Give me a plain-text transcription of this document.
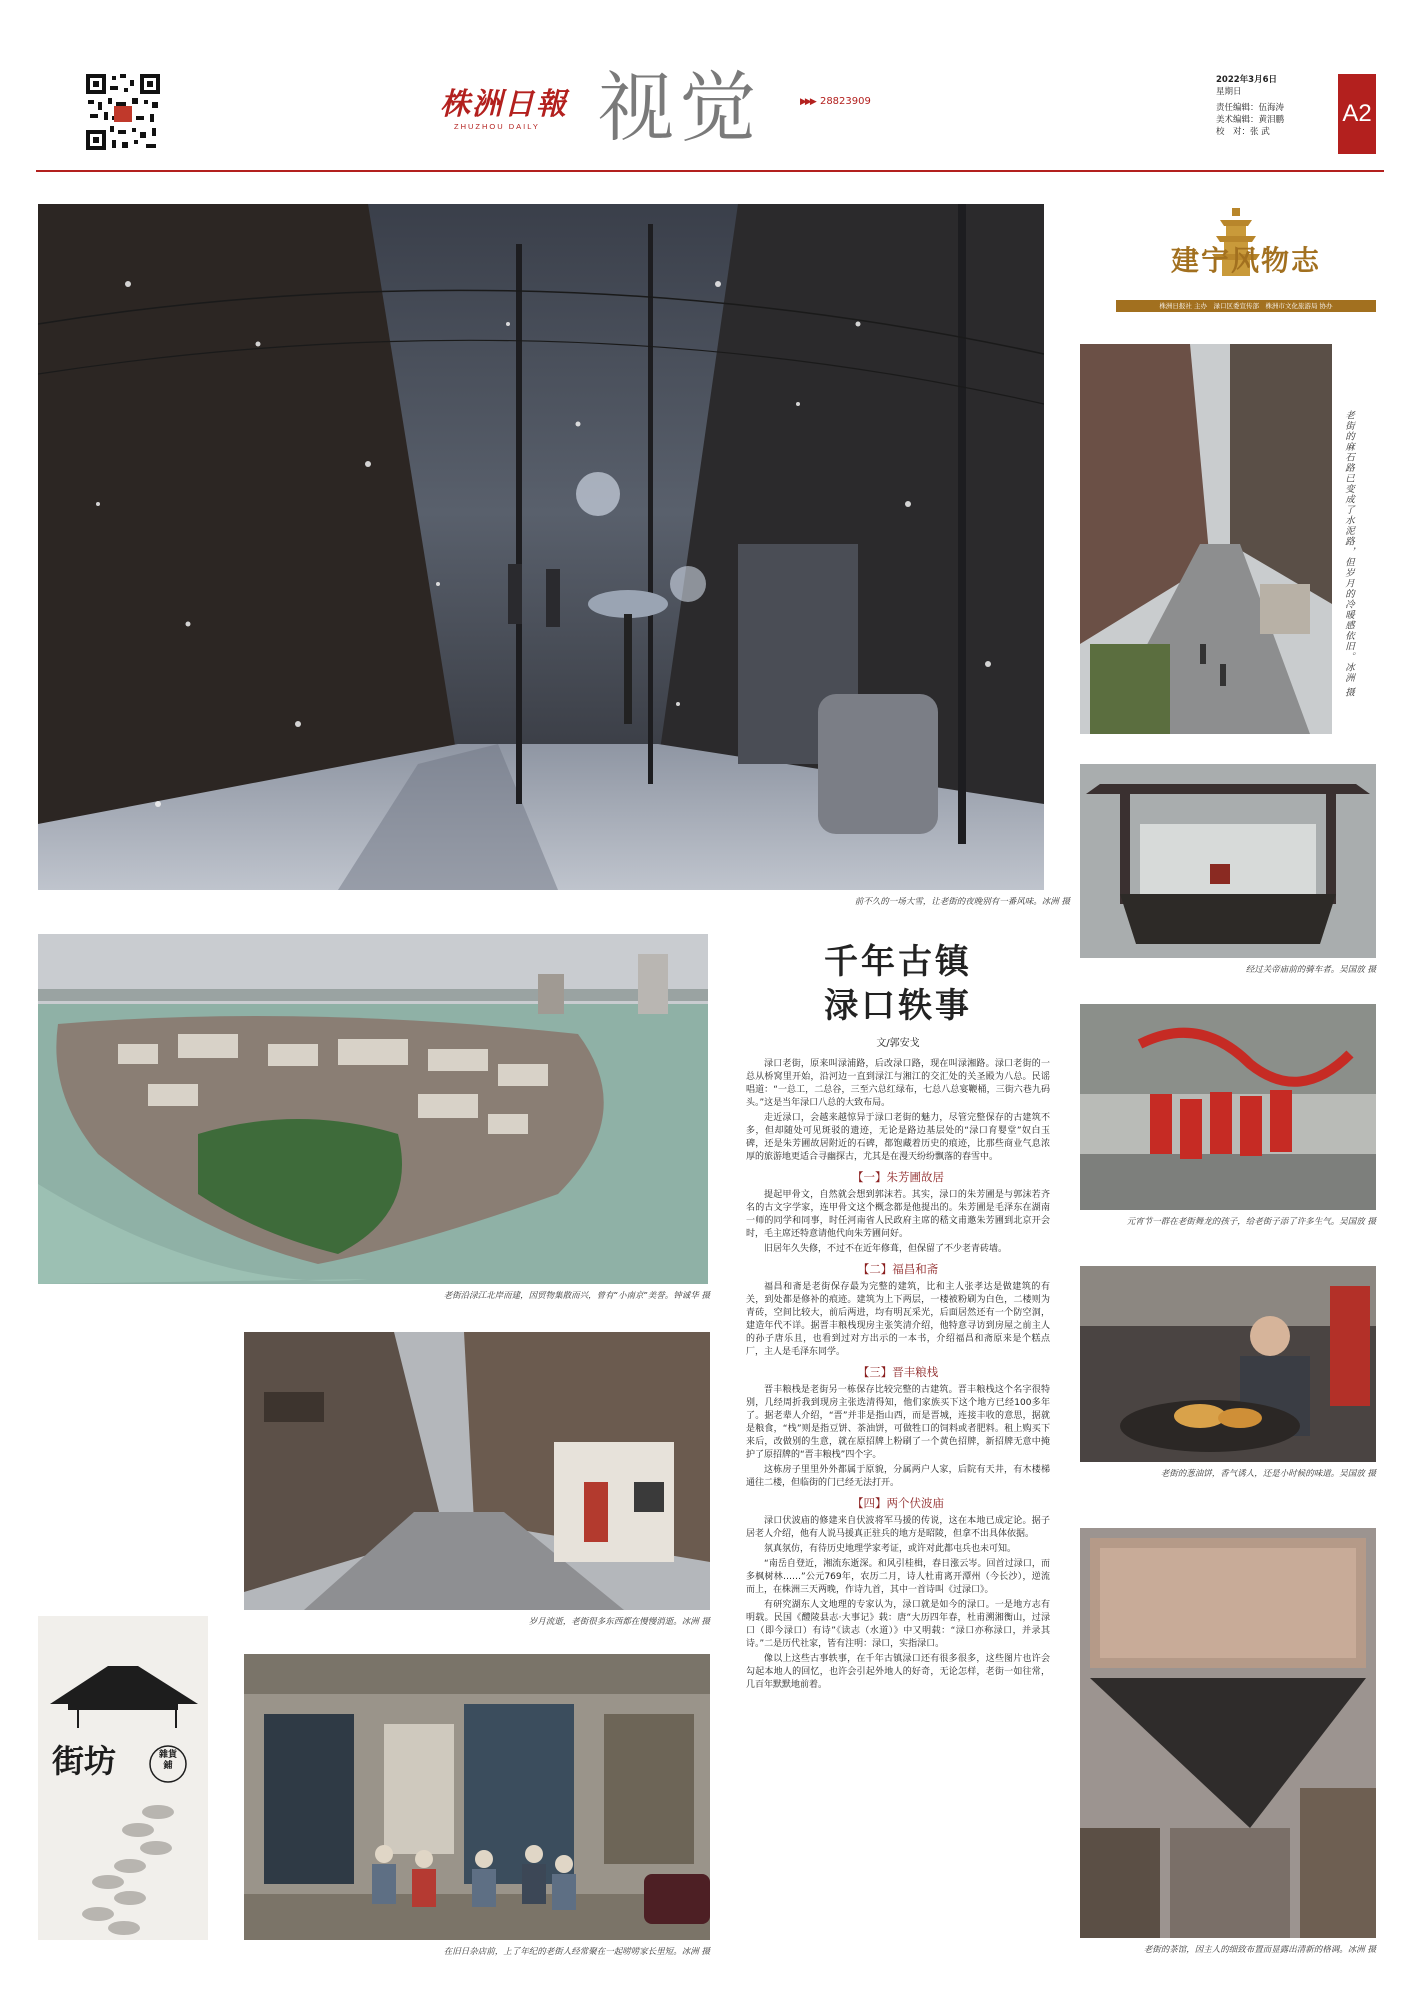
株洲日報
ZHUZHOU DAILY 视觉	▶▶▶ 28823909
2022年3月6日
星期日
责任编辑：伍海涛
美术编辑：黄泪鹏
校　对：张 武
A2
前不久的一场大雪，让老街的夜晚别有一番风味。冰洲 摄
老街沿渌江北岸而建，因贸物集散而兴，曾有“小南京”美誉。钟诚华 摄
岁月流逝，老街很多东西都在慢慢消逝。冰洲 摄
在旧日杂店前，上了年纪的老街人经常聚在一起唠唠家长里短。冰洲 摄
街坊	雜貨鋪
千年古镇
渌口轶事
文/郭安戈

渌口老街，原来叫渌浦路，后改渌口路，现在叫渌湘路。渌口老街的一总从桥窝里开始，沿河边一直到渌江与湘江的交汇处的关圣殿为八总。民谣唱道：“一总工，二总谷，三至六总红绿布，七总八总宴鞭桶，三街六巷九码头。”这是当年渌口八总的大致布局。

走近渌口，会越来越惊异于渌口老街的魅力，尽管完整保存的古建筑不多，但却随处可见斑驳的遗迹，无论是路边基层处的“渌口育婴堂”奴白玉碑，还是朱芳圃故居附近的石碑，都饱藏着历史的痕迹，比那些商业气息浓厚的旅游地更适合寻幽探古，尤其是在漫天纷纷飘落的春雪中。

【一】朱芳圃故居

提起甲骨文，自然就会想到郭沫若。其实，渌口的朱芳圃是与郭沫若齐名的古文字学家，连甲骨文这个概念都是他提出的。朱芳圃是毛泽东在湖南一师的同学和同事，时任河南省人民政府主席的嵇文甫邀朱芳圃到北京开会时，毛主席还特意请他代向朱芳圃问好。

旧居年久失修，不过不在近年修葺，但保留了不少老青砖墙。

【二】福昌和斋

福昌和斋是老街保存最为完整的建筑，比和主人张孝达是做建筑的有关，到处都是修补的痕迹。建筑为上下两层，一楼被粉刷为白色，二楼则为青砖，空间比较大，前后两进，均有明瓦采光，后面居然还有一个防空洞，建造年代不详。据晋丰粮栈现房主张笑清介绍，他特意寻访到房屋之前主人的孙子唐乐且，也看到过对方出示的一本书，介绍福昌和斋原来是个糕点厂，主人是毛泽东同学。

【三】晋丰粮栈

晋丰粮栈是老街另一栋保存比较完整的古建筑。晋丰粮栈这个名字很特别，几经周折我到现房主张选清得知，他们家族买下这个地方已经100多年了。据老辈人介绍，“晋”并非是指山西，而是晋城，连接丰收的意思，据就是粮食，“栈”则是指豆饼、茶油饼，可做牲口的饲料或者肥料。租上购买下来后，改做别的生意，就在原招牌上粉刷了一个黄色招牌，新招牌无意中掩护了原招牌的“晋丰粮栈”四个字。

这栋房子里里外外都属于原貌，分属两户人家，后院有天井，有木楼梯通往二楼，但临街的门已经无法打开。

【四】两个伏波庙

渌口伏波庙的修建来自伏波将军马援的传说，这在本地已成定论。据子居老人介绍，他有人说马援真正驻兵的地方是昭陵，但拿不出具体依据。

氛真氛仿，有待历史地理学家考证，或许对此都屯兵也未可知。

“南岳自登近，湘流东逝深。和风引桂楫，春日涨云岑。回首过渌口，而多枫树林……”公元769年，农历二月，诗人杜甫离开潭州（今长沙），逆流而上，在株洲三天两晚，作诗九首，其中一首诗叫《过渌口》。

有研究湖东人文地理的专家认为，渌口就是如今的渌口。一是地方志有明载。民国《醴陵县志·大事记》载：唐“大历四年春，杜甫溯湘衡山，过渌口（即今渌口）有诗”《读志（水道）》中又明载：“渌口亦称渌口，并录其诗。”二是历代社家，皆有注明：渌口，实指渌口。

像以上这些古事轶事，在千年古镇渌口还有很多很多，这些图片也许会勾起本地人的回忆，也许会引起外地人的好奇，无论怎样，老街一如往常，几百年默默地前着。

建宁风物志
株洲日报社 主办　渌口区委宣传部　株洲市文化旅游局 协办
老街的麻石路已变成了水泥路，但岁月的冷暖感依旧。冰洲 摄
经过关帝庙前的骑车者。吴国放 摄
元宵节一群在老街舞龙的孩子，给老街子添了许多生气。吴国放 摄
老街的葱油饼，香气诱人，还是小时候的味道。吴国放 摄
老街的茶馆，因主人的细致布置而显露出清新的格调。冰洲 摄
